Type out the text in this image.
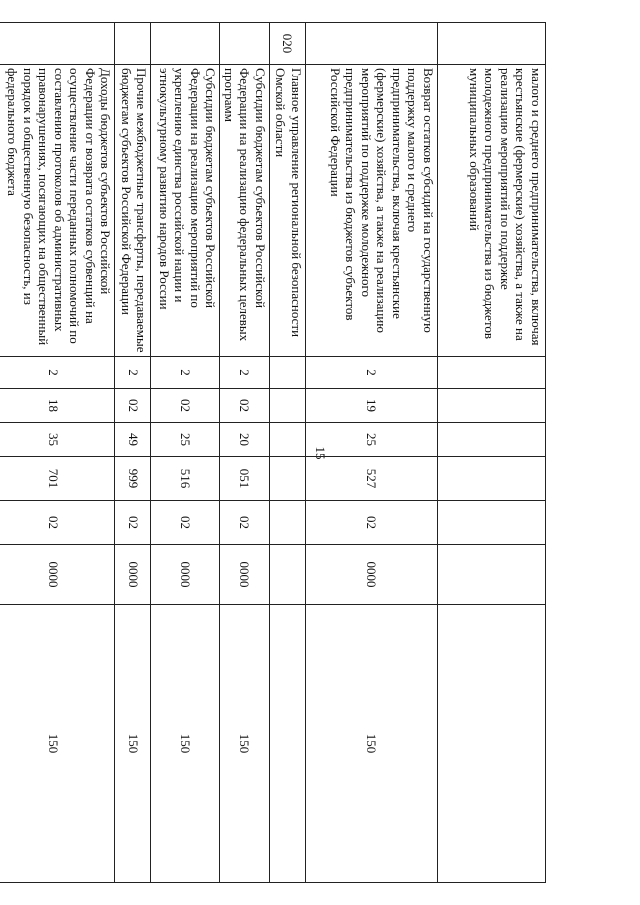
15
	малого и среднего предпринимательства, включая крестьянские (фермерские) хозяйства, а также на реализацию мероприятий по поддержке молодежного предпринимательства из бюджетов муниципальных образований							
	Возврат остатков субсидий на государственную поддержку малого и среднего предпринимательства, включая крестьянские (фермерские) хозяйства, а также на реализацию мероприятий по поддержке молодежного предпринимательства из бюджетов субъектов Российской Федерации	2	19	25	527	02	0000	150
020	Главное управление региональной безопасности Омской области							
	Субсидии бюджетам субъектов Российской Федерации на реализацию федеральных целевых программ	2	02	20	051	02	0000	150
	Субсидии бюджетам субъектов Российской Федерации на реализацию мероприятий по укреплению единства российской нации и этнокультурному развитию народов России	2	02	25	516	02	0000	150
	Прочие межбюджетные трансферты, передаваемые бюджетам субъектов Российской Федерации	2	02	49	999	02	0000	150
	Доходы бюджетов субъектов Российской Федерации от возврата остатков субвенций на осуществление части переданных полномочий по составлению протоколов об административных правонарушениях, посягающих на общественный порядок и общественную безопасность, из федерального бюджета	2	18	35	701	02	0000	150
